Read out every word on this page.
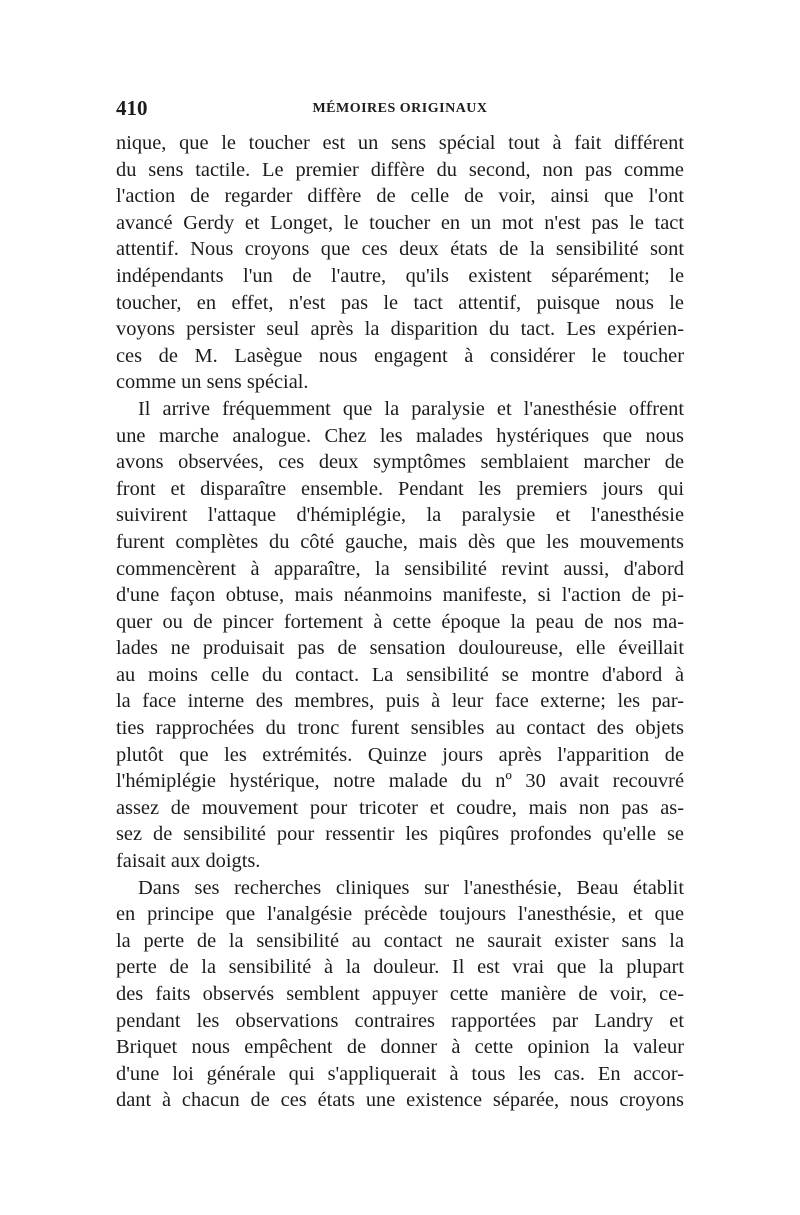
410	MÉMOIRES ORIGINAUX
nique, que le toucher est un sens spécial tout à fait différent
du sens tactile. Le premier diffère du second, non pas comme
l'action de regarder diffère de celle de voir, ainsi que l'ont
avancé Gerdy et Longet, le toucher en un mot n'est pas le tact
attentif. Nous croyons que ces deux états de la sensibilité sont
indépendants l'un de l'autre, qu'ils existent séparément; le
toucher, en effet, n'est pas le tact attentif, puisque nous le
voyons persister seul après la disparition du tact. Les expérien-
ces de M. Lasègue nous engagent à considérer le toucher
comme un sens spécial.
Il arrive fréquemment que la paralysie et l'anesthésie offrent
une marche analogue. Chez les malades hystériques que nous
avons observées, ces deux symptômes semblaient marcher de
front et disparaître ensemble. Pendant les premiers jours qui
suivirent l'attaque d'hémiplégie, la paralysie et l'anesthésie
furent complètes du côté gauche, mais dès que les mouvements
commencèrent à apparaître, la sensibilité revint aussi, d'abord
d'une façon obtuse, mais néanmoins manifeste, si l'action de pi-
quer ou de pincer fortement à cette époque la peau de nos ma-
lades ne produisait pas de sensation douloureuse, elle éveillait
au moins celle du contact. La sensibilité se montre d'abord à
la face interne des membres, puis à leur face externe; les par-
ties rapprochées du tronc furent sensibles au contact des objets
plutôt que les extrémités. Quinze jours après l'apparition de
l'hémiplégie hystérique, notre malade du nº 30 avait recouvré
assez de mouvement pour tricoter et coudre, mais non pas as-
sez de sensibilité pour ressentir les piqûres profondes qu'elle se
faisait aux doigts.
Dans ses recherches cliniques sur l'anesthésie, Beau établit
en principe que l'analgésie précède toujours l'anesthésie, et que
la perte de la sensibilité au contact ne saurait exister sans la
perte de la sensibilité à la douleur. Il est vrai que la plupart
des faits observés semblent appuyer cette manière de voir, ce-
pendant les observations contraires rapportées par Landry et
Briquet nous empêchent de donner à cette opinion la valeur
d'une loi générale qui s'appliquerait à tous les cas. En accor-
dant à chacun de ces états une existence séparée, nous croyons
